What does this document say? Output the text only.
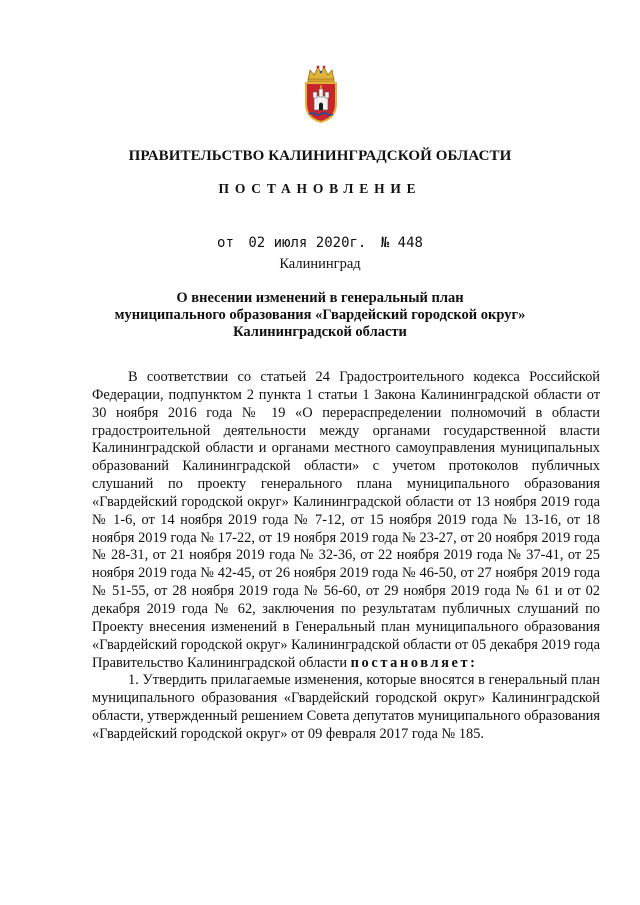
ПРАВИТЕЛЬСТВО КАЛИНИНГРАДСКОЙ ОБЛАСТИ
ПОСТАНОВЛЕНИЕ
от 02 июля 2020г. № 448
Калининград
О внесении изменений в генеральный план
муниципального образования «Гвардейский городской округ»
Калининградской области

В соответствии со статьей 24 Градостроительного кодекса Российской Федерации, подпунктом 2 пункта 1 статьи 1 Закона Калининградской области от 30 ноября 2016 года № 19 «О перераспределении полномочий в области градостроительной деятельности между органами государственной власти Калининградской области и органами местного самоуправления муниципальных образований Калининградской области» с учетом протоколов публичных слушаний по проекту генерального плана муниципального образования «Гвардейский городской округ» Калининградской области от 13 ноября 2019 года № 1-6, от 14 ноября 2019 года № 7-12, от 15 ноября 2019 года № 13-16, от 18 ноября 2019 года № 17-22, от 19 ноября 2019 года № 23-27, от 20 ноября 2019 года № 28-31, от 21 ноября 2019 года № 32-36, от 22 ноября 2019 года № 37-41, от 25 ноября 2019 года № 42-45, от 26 ноября 2019 года № 46-50, от 27 ноября 2019 года № 51-55, от 28 ноября 2019 года № 56-60, от 29 ноября 2019 года № 61 и от 02 декабря 2019 года № 62, заключения по результатам публичных слушаний по Проекту внесения изменений в Генеральный план муниципального образования «Гвардейский городской округ» Калининградской области от 05 декабря 2019 года Правительство Калининградской области постановляет:

1. Утвердить прилагаемые изменения, которые вносятся в генеральный план муниципального образования «Гвардейский городской округ» Калининградской области, утвержденный решением Совета депутатов муниципального образования «Гвардейский городской округ» от 09 февраля 2017 года № 185.
